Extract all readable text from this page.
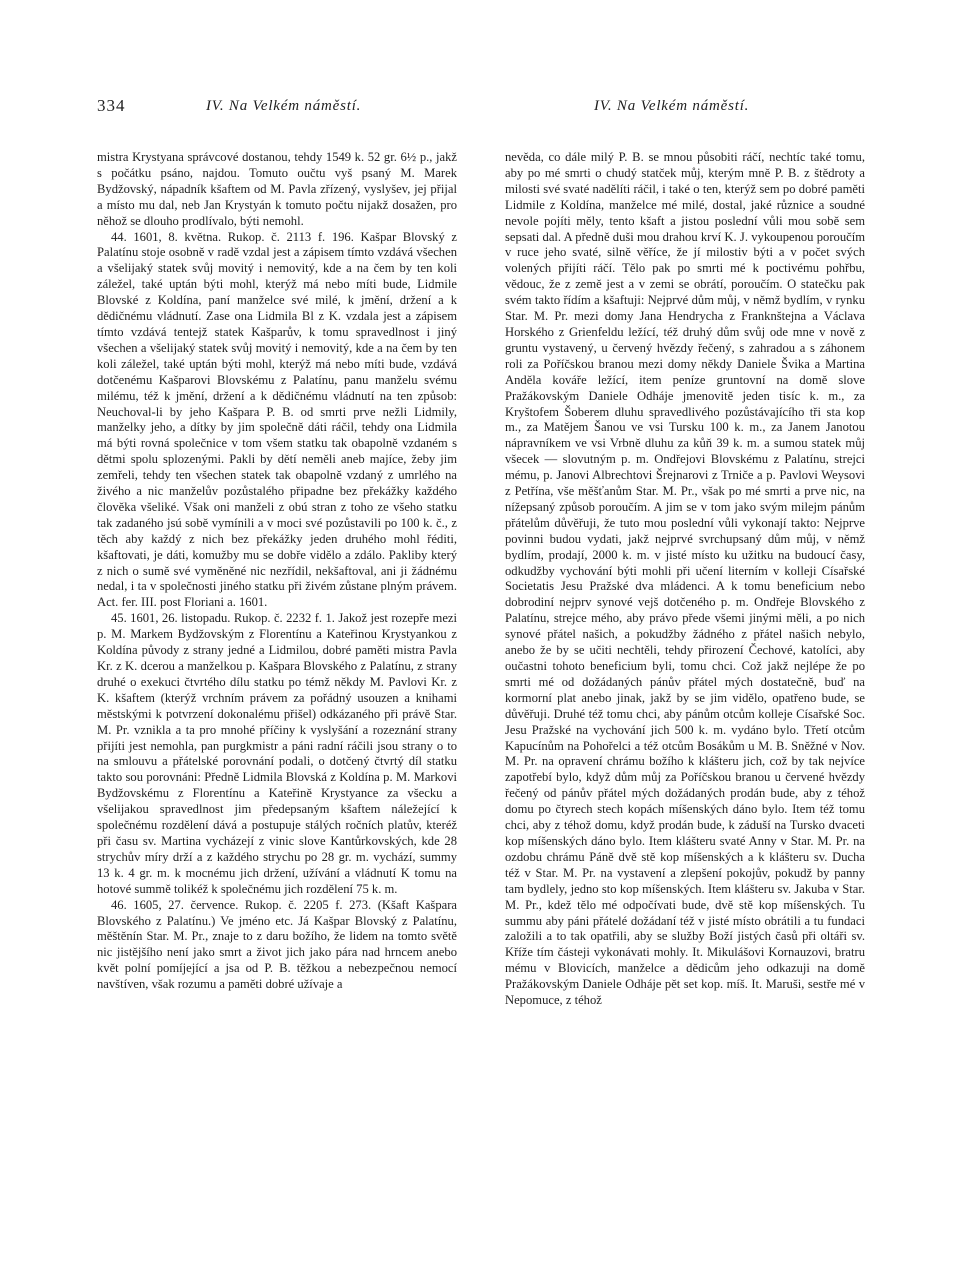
334	IV. Na Velkém náměstí.	IV. Na Velkém náměstí.

mistra Krystyana správcové dostanou, tehdy 1549 k. 52 gr. 6½ p., jakž s počátku psáno, najdou. Tomuto oučtu vyš psaný M. Marek Bydžovský, nápadník kšaftem od M. Pavla zřízený, vyslyšev, jej přijal a místo mu dal, neb Jan Krystyán k tomuto počtu nijakž dosažen, pro něhož se dlouho prodlívalo, býti nemohl.

44. 1601, 8. května. Rukop. č. 2113 f. 196. Kašpar Blovský z Palatínu stoje osobně v radě vzdal jest a zápisem tímto vzdává všechen a všelijaký statek svůj movitý i nemovitý, kde a na čem by ten koli záležel, také uptán býti mohl, kterýž má nebo míti bude, Lidmile Blovské z Koldína, paní manželce své milé, k jmění, držení a k dědičnému vládnutí. Zase ona Lidmila Bl z K. vzdala jest a zápisem tímto vzdává tentejž statek Kašparův, k tomu spravedlnost i jiný všechen a všelijaký statek svůj movitý i nemovitý, kde a na čem by ten koli záležel, také uptán býti mohl, kterýž má nebo míti bude, vzdává dotčenému Kašparovi Blovskému z Palatínu, panu manželu svému milému, též k jmění, držení a k dědičnému vládnutí na ten způsob: Neuchoval-li by jeho Kašpara P. B. od smrti prve nežli Lidmily, manželky jeho, a dítky by jim společně dáti ráčil, tehdy ona Lidmila má býti rovná společnice v tom všem statku tak obapolně vzdaném s dětmi spolu splozenými. Pakli by dětí neměli aneb majíce, žeby jim zemřeli, tehdy ten všechen statek tak obapolně vzdaný z umrlého na živého a nic manželův pozůstalého připadne bez překážky každého člověka všeliké. Však oni manželi z obú stran z toho ze všeho statku tak zadaného jsú sobě vymínili a v moci své pozůstavili po 100 k. č., z těch aby každý z nich bez překážky jeden druhého mohl řéditi, kšaftovati, je dáti, komužby mu se dobře vidělo a zdálo. Pakliby který z nich o sumě své vyměněné nic nezřídil, nekšaftoval, ani ji žádnému nedal, i ta v společnosti jiného statku při živém zůstane plným právem. Act. fer. III. post Floriani a. 1601.

45. 1601, 26. listopadu. Rukop. č. 2232 f. 1. Jakož jest rozepře mezi p. M. Markem Bydžovským z Florentínu a Kateřinou Krystyankou z Koldína původy z strany jedné a Lidmilou, dobré paměti mistra Pavla Kr. z K. dcerou a manželkou p. Kašpara Blovského z Palatínu, z strany druhé o exekuci čtvrtého dílu statku po témž někdy M. Pavlovi Kr. z K. kšaftem (kterýž vrchním právem za pořádný usouzen a knihami městskými k potvrzení dokonalému přišel) odkázaného při právě Star. M. Pr. vznikla a ta pro mnohé příčiny k vyslyšání a rozeznání strany přijíti jest nemohla, pan purgkmistr a páni radní ráčili jsou strany o to na smlouvu a přátelské porovnání podali, o dotčený čtvrtý díl statku takto sou porovnáni: Předně Lidmila Blovská z Koldína p. M. Markovi Bydžovskému z Florentínu a Kateřině Krystyance za všecku a všelijakou spravedlnost jim předepsaným kšaftem náležející k společnému rozdělení dává a postupuje stálých ročních platův, kteréž při času sv. Martina vycházejí z vinic slove Kantůrkovských, kde 28 strychův míry drží a z každého strychu po 28 gr. m. vychází, summy 13 k. 4 gr. m. k mocnému jich držení, užívání a vládnutí K tomu na hotové summě tolikéž k společnému jich rozdělení 75 k. m.

46. 1605, 27. července. Rukop. č. 2205 f. 273. (Kšaft Kašpara Blovského z Palatínu.) Ve jméno etc. Já Kašpar Blovský z Palatínu, měštěnín Star. M. Pr., znaje to z daru božího, že lidem na tomto světě nic jistějšího není jako smrt a život jich jako pára nad hrncem anebo květ polní pomíjející a jsa od P. B. těžkou a nebezpečnou nemocí navštíven, však rozumu a paměti dobré užívaje a

nevěda, co dále milý P. B. se mnou působiti ráčí, nechtíc také tomu, aby po mé smrti o chudý statček můj, kterým mně P. B. z štědroty a milosti své svaté nadělíti ráčil, i také o ten, kterýž sem po dobré paměti Lidmile z Koldína, manželce mé milé, dostal, jaké různice a soudné nevole pojíti měly, tento kšaft a jistou poslední vůli mou sobě sem sepsati dal. A předně duši mou drahou krví K. J. vykoupenou poroučím v ruce jeho svaté, silně věříce, že jí milostiv býti a v počet svých volených přijíti ráčí. Tělo pak po smrti mé k poctivému pohřbu, vědouc, že z země jest a v zemi se obrátí, poroučím. O statečku pak svém takto řídím a kšaftuji: Nejprvé dům můj, v němž bydlím, v rynku Star. M. Pr. mezi domy Jana Hendrycha z Franknštejna a Václava Horského z Grienfeldu ležící, též druhý dům svůj ode mne v nově z gruntu vystavený, u červený hvězdy řečený, s zahradou a s záhonem roli za Poříčskou branou mezi domy někdy Daniele Švika a Martina Anděla kováře ležící, item peníze gruntovní na domě slove Pražákovským Daniele Odháje jmenovitě jeden tisíc k. m., za Kryštofem Šoberem dluhu spravedlivého pozůstávajícího tři sta kop m., za Matějem Šanou ve vsi Tursku 100 k. m., za Janem Janotou nápravníkem ve vsi Vrbně dluhu za kůň 39 k. m. a sumou statek můj všecek — slovutným p. m. Ondřejovi Blovskému z Palatínu, strejci mému, p. Janovi Albrechtovi Šrejnarovi z Trniče a p. Pavlovi Weysovi z Petřína, vše měšťanům Star. M. Pr., však po mé smrti a prve nic, na nížepsaný způsob poroučím. A jim se v tom jako svým milejm pánům přátelům důvěřuji, že tuto mou poslední vůli vykonají takto: Nejprve povinni budou vydati, jakž nejprvé svrchupsaný dům můj, v němž bydlím, prodají, 2000 k. m. v jisté místo ku užitku na budoucí časy, odkudžby vychování býti mohli při učení literním v kolleji Císařské Societatis Jesu Pražské dva mládenci. A k tomu beneficium nebo dobrodiní nejprv synové vejš dotčeného p. m. Ondřeje Blovského z Palatínu, strejce mého, aby právo přede všemi jinými měli, a po nich synové přátel našich, a pokudžby žádného z přátel našich nebylo, anebo že by se učiti nechtěli, tehdy přirození Čechové, katolíci, aby oučastni tohoto beneficium byli, tomu chci. Což jakž nejlépe že po smrti mé od dožádaných pánův přátel mých dostatečně, buď na kormorní plat anebo jinak, jakž by se jim vidělo, opatřeno bude, se důvěřuji. Druhé též tomu chci, aby pánům otcům kolleje Císařské Soc. Jesu Pražské na vychování jich 500 k. m. vydáno bylo. Třetí otcům Kapucínům na Pohořelci a též otcům Bosákům u M. B. Sněžné v Nov. M. Pr. na opravení chrámu božího k klášteru jich, což by tak nejvíce zapotřebí bylo, když dům můj za Poříčskou branou u červené hvězdy řečený od pánův přátel mých dožádaných prodán bude, aby z téhož domu po čtyrech stech kopách míšenských dáno bylo. Item též tomu chci, aby z téhož domu, když prodán bude, k záduší na Tursko dvaceti kop míšenských dáno bylo. Item klášteru svaté Anny v Star. M. Pr. na ozdobu chrámu Páně dvě stě kop míšenských a k klášteru sv. Ducha též v Star. M. Pr. na vystavení a zlepšení pokojův, pokudž by panny tam bydlely, jedno sto kop míšenských. Item klášteru sv. Jakuba v Star. M. Pr., kdež tělo mé odpočívati bude, dvě stě kop míšenských. Tu summu aby páni přátelé dožádaní též v jisté místo obrátili a tu fundaci založili a to tak opatřili, aby se služby Boží jistých časů při oltáři sv. Kříže tím částeji vykonávati mohly. It. Mikulášovi Kornauzovi, bratru mému v Blovicích, manželce a dědicům jeho odkazuji na domě Pražákovským Daniele Odháje pět set kop. míš. It. Maruši, sestře mé v Nepomuce, z téhož
